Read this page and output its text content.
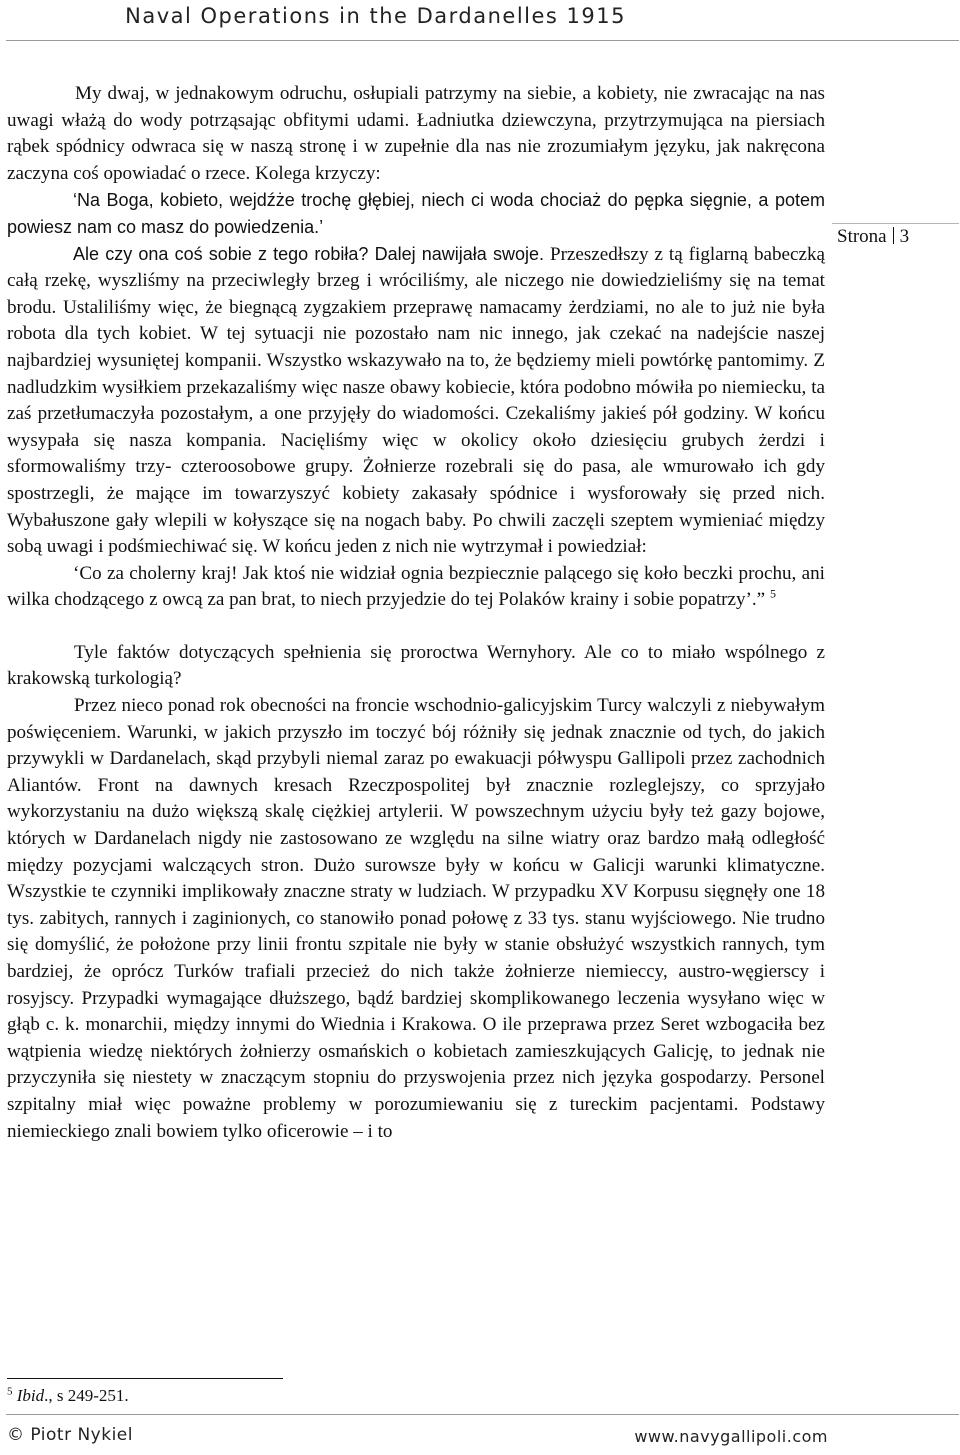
Naval Operations in the Dardanelles 1915
Strona 3

My dwaj, w jednakowym odruchu, osłupiali patrzymy na siebie, a kobiety, nie zwracając na nas uwagi włażą do wody potrząsając obfitymi udami. Ładniutka dziewczyna, przytrzymująca na piersiach rąbek spódnicy odwraca się w naszą stronę i w zupełnie dla nas nie zrozumiałym języku, jak nakręcona zaczyna coś opowiadać o rzece. Kolega krzyczy:

‘Na Boga, kobieto, wejdźże trochę głębiej, niech ci woda chociaż do pępka sięgnie, a potem powiesz nam co masz do powiedzenia.’

Ale czy ona coś sobie z tego robiła? Dalej nawijała swoje. Przeszedłszy z tą figlarną babeczką całą rzekę, wyszliśmy na przeciwległy brzeg i wróciliśmy, ale niczego nie dowiedzieliśmy się na temat brodu. Ustaliliśmy więc, że biegnącą zygzakiem przeprawę namacamy żerdziami, no ale to już nie była robota dla tych kobiet. W tej sytuacji nie pozostało nam nic innego, jak czekać na nadejście naszej najbardziej wysuniętej kompanii. Wszystko wskazywało na to, że będziemy mieli powtórkę pantomimy. Z nadludzkim wysiłkiem przekazaliśmy więc nasze obawy kobiecie, która podobno mówiła po niemiecku, ta zaś przetłumaczyła pozostałym, a one przyjęły do wiadomości. Czekaliśmy jakieś pół godziny. W końcu wysypała się nasza kompania. Nacięliśmy więc w okolicy około dziesięciu grubych żerdzi i sformowaliśmy trzy- czteroosobowe grupy. Żołnierze rozebrali się do pasa, ale wmurowało ich gdy spostrzegli, że mające im towarzyszyć kobiety zakasały spódnice i wysforowały się przed nich. Wybałuszone gały wlepili w kołyszące się na nogach baby. Po chwili zaczęli szeptem wymieniać między sobą uwagi i podśmiechiwać się. W końcu jeden z nich nie wytrzymał i powiedział:

‘Co za cholerny kraj! Jak ktoś nie widział ognia bezpiecznie palącego się koło beczki prochu, ani wilka chodzącego z owcą za pan brat, to niech przyjedzie do tej Polaków krainy i sobie popatrzy’.” $^5$

Tyle faktów dotyczących spełnienia się proroctwa Wernyhory. Ale co to miało wspólnego z krakowską turkologią?

Przez nieco ponad rok obecności na froncie wschodnio-galicyjskim Turcy walczyli z niebywałym poświęceniem. Warunki, w jakich przyszło im toczyć bój różniły się jednak znacznie od tych, do jakich przywykli w Dardanelach, skąd przybyli niemal zaraz po ewakuacji półwyspu Gallipoli przez zachodnich Aliantów. Front na dawnych kresach Rzeczpospolitej był znacznie rozleglejszy, co sprzyjało wykorzystaniu na dużo większą skalę ciężkiej artylerii. W powszechnym użyciu były też gazy bojowe, których w Dardanelach nigdy nie zastosowano ze względu na silne wiatry oraz bardzo małą odległość między pozycjami walczących stron. Dużo surowsze były w końcu w Galicji warunki klimatyczne. Wszystkie te czynniki implikowały znaczne straty w ludziach. W przypadku XV Korpusu sięgnęły one 18 tys. zabitych, rannych i zaginionych, co stanowiło ponad połowę z 33 tys. stanu wyjściowego. Nie trudno się domyślić, że położone przy linii frontu szpitale nie były w stanie obsłużyć wszystkich rannych, tym bardziej, że oprócz Turków trafiali przecież do nich także żołnierze niemieccy, austro-węgierscy i rosyjscy. Przypadki wymagające dłuższego, bądź bardziej skomplikowanego leczenia wysyłano więc w głąb c. k. monarchii, między innymi do Wiednia i Krakowa. O ile przeprawa przez Seret wzbogaciła bez wątpienia wiedzę niektórych żołnierzy osmańskich o kobietach zamieszkujących Galicję, to jednak nie przyczyniła się niestety w znaczącym stopniu do przyswojenia przez nich języka gospodarzy. Personel szpitalny miał więc poważne problemy w porozumiewaniu się z tureckim pacjentami. Podstawy niemieckiego znali bowiem tylko oficerowie – i to

$^5$ Ibid., s 249-251.
© Piotr Nykiel	www.navygallipoli.com
